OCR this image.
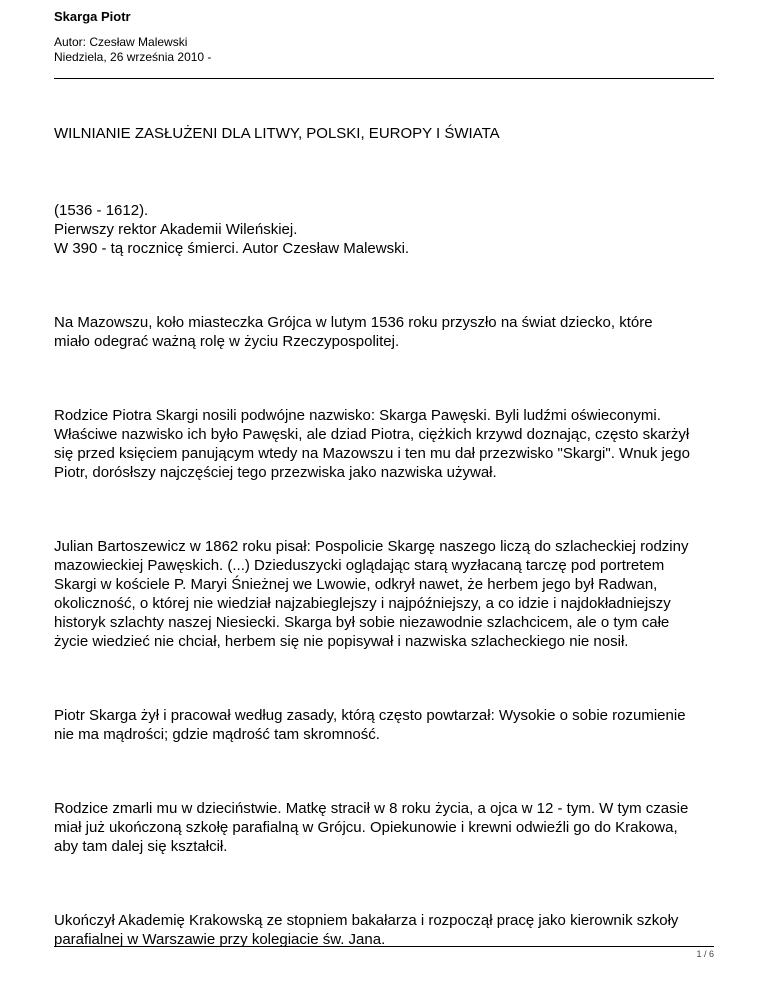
Skarga Piotr
Autor: Czesław Malewski
Niedziela, 26 września 2010 -
WILNIANIE ZASŁUŻENI DLA LITWY, POLSKI, EUROPY I ŚWIATA
(1536 - 1612).
Pierwszy rektor Akademii Wileńskiej.
W 390 - tą rocznicę śmierci. Autor Czesław Malewski.
Na Mazowszu, koło miasteczka Grójca w lutym 1536 roku przyszło na świat dziecko, które
miało odegrać ważną rolę w życiu Rzeczypospolitej.
Rodzice Piotra Skargi nosili podwójne nazwisko: Skarga Pawęski. Byli ludźmi oświeconymi.
Właściwe nazwisko ich było Pawęski, ale dziad Piotra, ciężkich krzywd doznając, często skarżył
się przed księciem panującym wtedy na Mazowszu i ten mu dał przezwisko "Skargi". Wnuk jego
Piotr, dorósłszy najczęściej tego przezwiska jako nazwiska używał.
Julian Bartoszewicz w 1862 roku pisał: Pospolicie Skargę naszego liczą do szlacheckiej rodziny
mazowieckiej Pawęskich. (...) Dzieduszycki oglądając starą wyzłacaną tarczę pod portretem
Skargi w kościele P. Maryi Śnieżnej we Lwowie, odkrył nawet, że herbem jego był Radwan,
okoliczność, o której nie wiedział najzabieglejszy i najpóźniejszy, a co idzie i najdokładniejszy
historyk szlachty naszej Niesiecki. Skarga był sobie niezawodnie szlachcicem, ale o tym całe
życie wiedzieć nie chciał, herbem się nie popisywał i nazwiska szlacheckiego nie nosił.
Piotr Skarga żył i pracował według zasady, którą często powtarzał: Wysokie o sobie rozumienie
nie ma mądrości; gdzie mądrość tam skromność.
Rodzice zmarli mu w dzieciństwie. Matkę stracił w 8 roku życia, a ojca w 12 - tym. W tym czasie
miał już ukończoną szkołę parafialną w Grójcu. Opiekunowie i krewni odwieźli go do Krakowa,
aby tam dalej się kształcił.
Ukończył Akademię Krakowską ze stopniem bakałarza i rozpoczął pracę jako kierownik szkoły
parafialnej w Warszawie przy kolegiacie św. Jana.
1 / 6
